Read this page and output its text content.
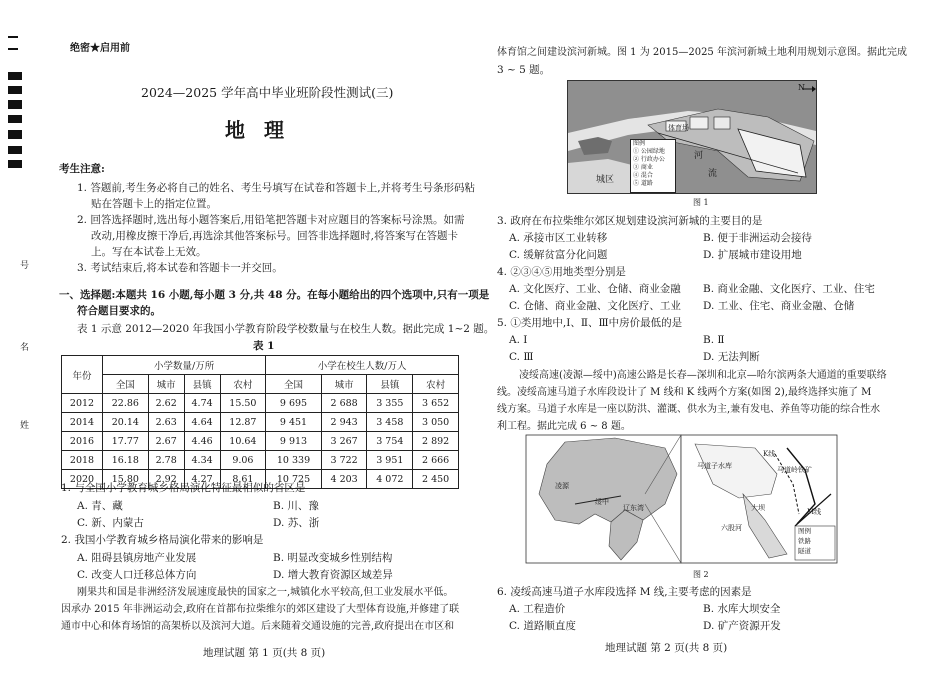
号
名
姓
绝密★启用前
2024—2025 学年高中毕业班阶段性测试(三)
地 理
考生注意:
1. 答题前,考生务必将自己的姓名、考生号填写在试卷和答题卡上,并将考生号条形码粘
贴在答题卡上的指定位置。
2. 回答选择题时,选出每小题答案后,用铅笔把答题卡对应题目的答案标号涂黑。如需
改动,用橡皮擦干净后,再选涂其他答案标号。回答非选择题时,将答案写在答题卡
上。写在本试卷上无效。
3. 考试结束后,将本试卷和答题卡一并交回。
一、选择题:本题共 16 小题,每小题 3 分,共 48 分。在每小题给出的四个选项中,只有一项是
符合题目要求的。
表 1 示意 2012—2020 年我国小学教育阶段学校数量与在校生人数。据此完成 1~2 题。
表 1
年份	小学数量/万所				小学在校生人数/万人			
	全国	城市	县镇	农村	全国	城市	县镇	农村
2012	22.86	2.62	4.74	15.50	9 695	2 688	3 355	3 652
2014	20.14	2.63	4.64	12.87	9 451	2 943	3 458	3 050
2016	17.77	2.67	4.46	10.64	9 913	3 267	3 754	2 892
2018	16.18	2.78	4.34	9.06	10 339	3 722	3 951	2 666
2020	15.80	2.92	4.27	8.61	10 725	4 203	4 072	2 450
1. 与全国小学教育城乡格局演化特征最相似的省区是
A. 青、藏	B. 川、豫
C. 新、内蒙古	D. 苏、浙
2. 我国小学教育城乡格局演化带来的影响是
A. 阻碍县镇房地产业发展	B. 明显改变城乡性别结构
C. 改变人口迁移总体方向	D. 增大教育资源区域差异
刚果共和国是非洲经济发展速度最快的国家之一,城镇化水平较高,但工业发展水平低。
因承办 2015 年非洲运动会,政府在首都布拉柴维尔的郊区建设了大型体育设施,并修建了联
通市中心和体育场馆的高架桥以及滨河大道。后来随着交通设施的完善,政府提出在市区和
地理试题 第 1 页(共 8 页)
体育馆之间建设滨河新城。图 1 为 2015—2025 年滨河新城土地利用规划示意图。据此完成
3 ~ 5 题。
N
城区
体育场
河
流
图例
① 公园绿地
② 行政办公
③ 商业
④ 混合
⑤ 道路
图 1
3. 政府在布拉柴维尔郊区规划建设滨河新城的主要目的是
A. 承接市区工业转移	B. 便于非洲运动会接待
C. 缓解贫富分化问题	D. 扩展城市建设用地
4. ②③④⑤用地类型分别是
A. 文化医疗、工业、仓储、商业金融 B. 商业金融、文化医疗、工业、住宅
C. 仓储、商业金融、文化医疗、工业 D. 工业、住宅、商业金融、仓储
5. ①类用地中,Ⅰ、Ⅱ、Ⅲ中房价最低的是
A. Ⅰ	B. Ⅱ
C. Ⅲ	D. 无法判断
凌绥高速(凌源—绥中)高速公路是长春—深圳和北京—哈尔滨两条大通道的重要联络
线。凌绥高速马道子水库段设计了 M 线和 K 线两个方案(如图 2),最终选择实施了 M
线方案。马道子水库是一座以防洪、灌溉、供水为主,兼有发电、养鱼等功能的综合性水
利工程。据此完成 6 ~ 8 题。
凌源
绥中
辽东湾
马道子水库	马道岭铁矿
大坝
K线
M线
六股河	图例
铁路
隧道
图 2
6. 凌绥高速马道子水库段选择 M 线,主要考虑的因素是
A. 工程造价	B. 水库大坝安全
C. 道路顺直度	D. 矿产资源开发
地理试题 第 2 页(共 8 页)
